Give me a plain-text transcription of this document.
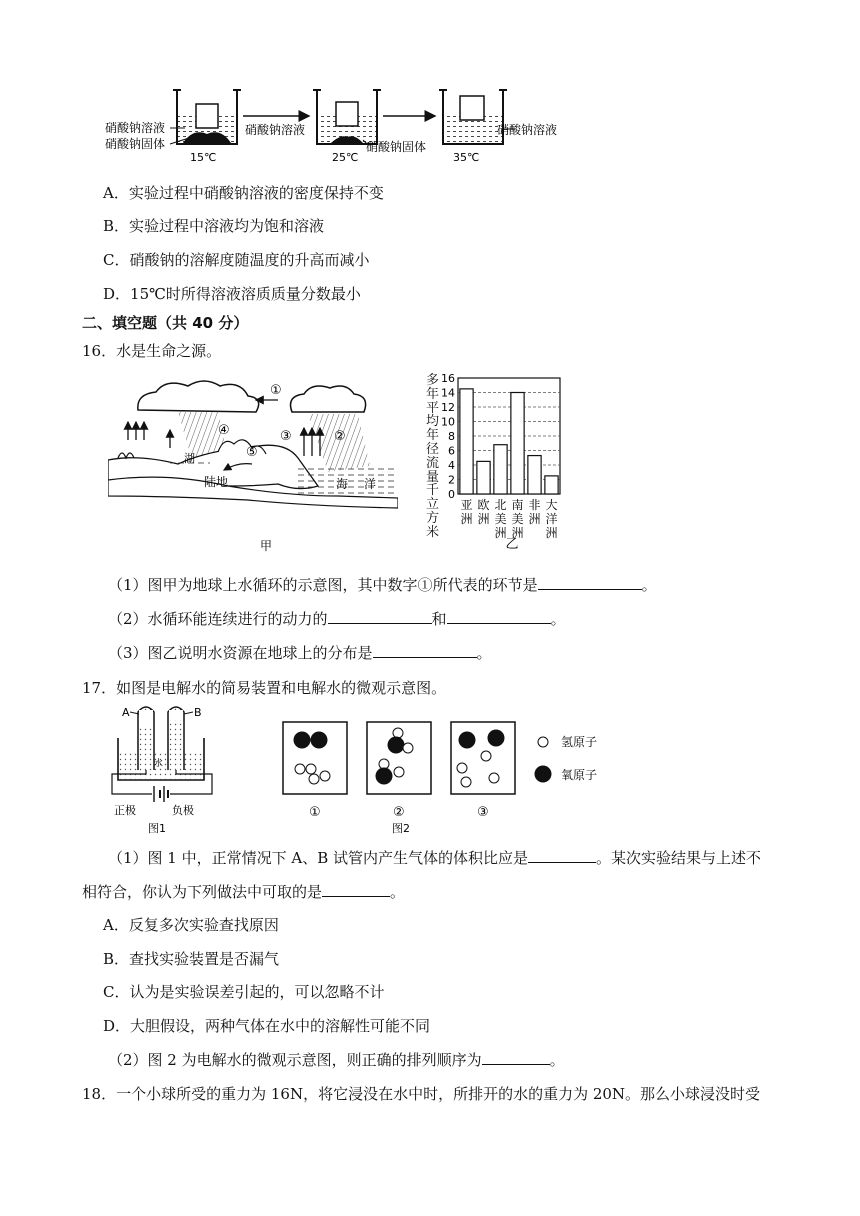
硝酸钠溶液
硝酸钠固体
硝酸钠溶液
硝酸钠固体
硝酸钠溶液
15℃	25℃	35℃
A．实验过程中硝酸钠溶液的密度保持不变
B．实验过程中溶液均为饱和溶液
C．硝酸钠的溶解度随温度的升高而减小
D．15℃时所得溶液溶质质量分数最小
二、填空题（共 40 分）
16．水是生命之源。
①
②
③
④
⑤
湖
陆地	海 洋
甲
多年平均年径流量千立方米
0
2
4
6
8
10
12
14
16
亚洲
欧洲
北美洲
南美洲
非洲
大洋洲
乙
（1）图甲为地球上水循环的示意图，其中数字①所代表的环节是	。
（2）水循环能连续进行的动力的	和	。
（3）图乙说明水资源在地球上的分布是	。
17．如图是电解水的简易装置和电解水的微观示意图。
A	B
水
正极	负极
图1
氢原子
氧原子
①	②	③
图2
（1）图 1 中，正常情况下 A、B 试管内产生气体的体积比应是	。某次实验结果与上述不
相符合，你认为下列做法中可取的是	。
A．反复多次实验查找原因
B．查找实验装置是否漏气
C．认为是实验误差引起的，可以忽略不计
D．大胆假设，两种气体在水中的溶解性可能不同
（2）图 2 为电解水的微观示意图，则正确的排列顺序为	。
18．一个小球所受的重力为 16N，将它浸没在水中时，所排开的水的重力为 20N。那么小球浸没时受
